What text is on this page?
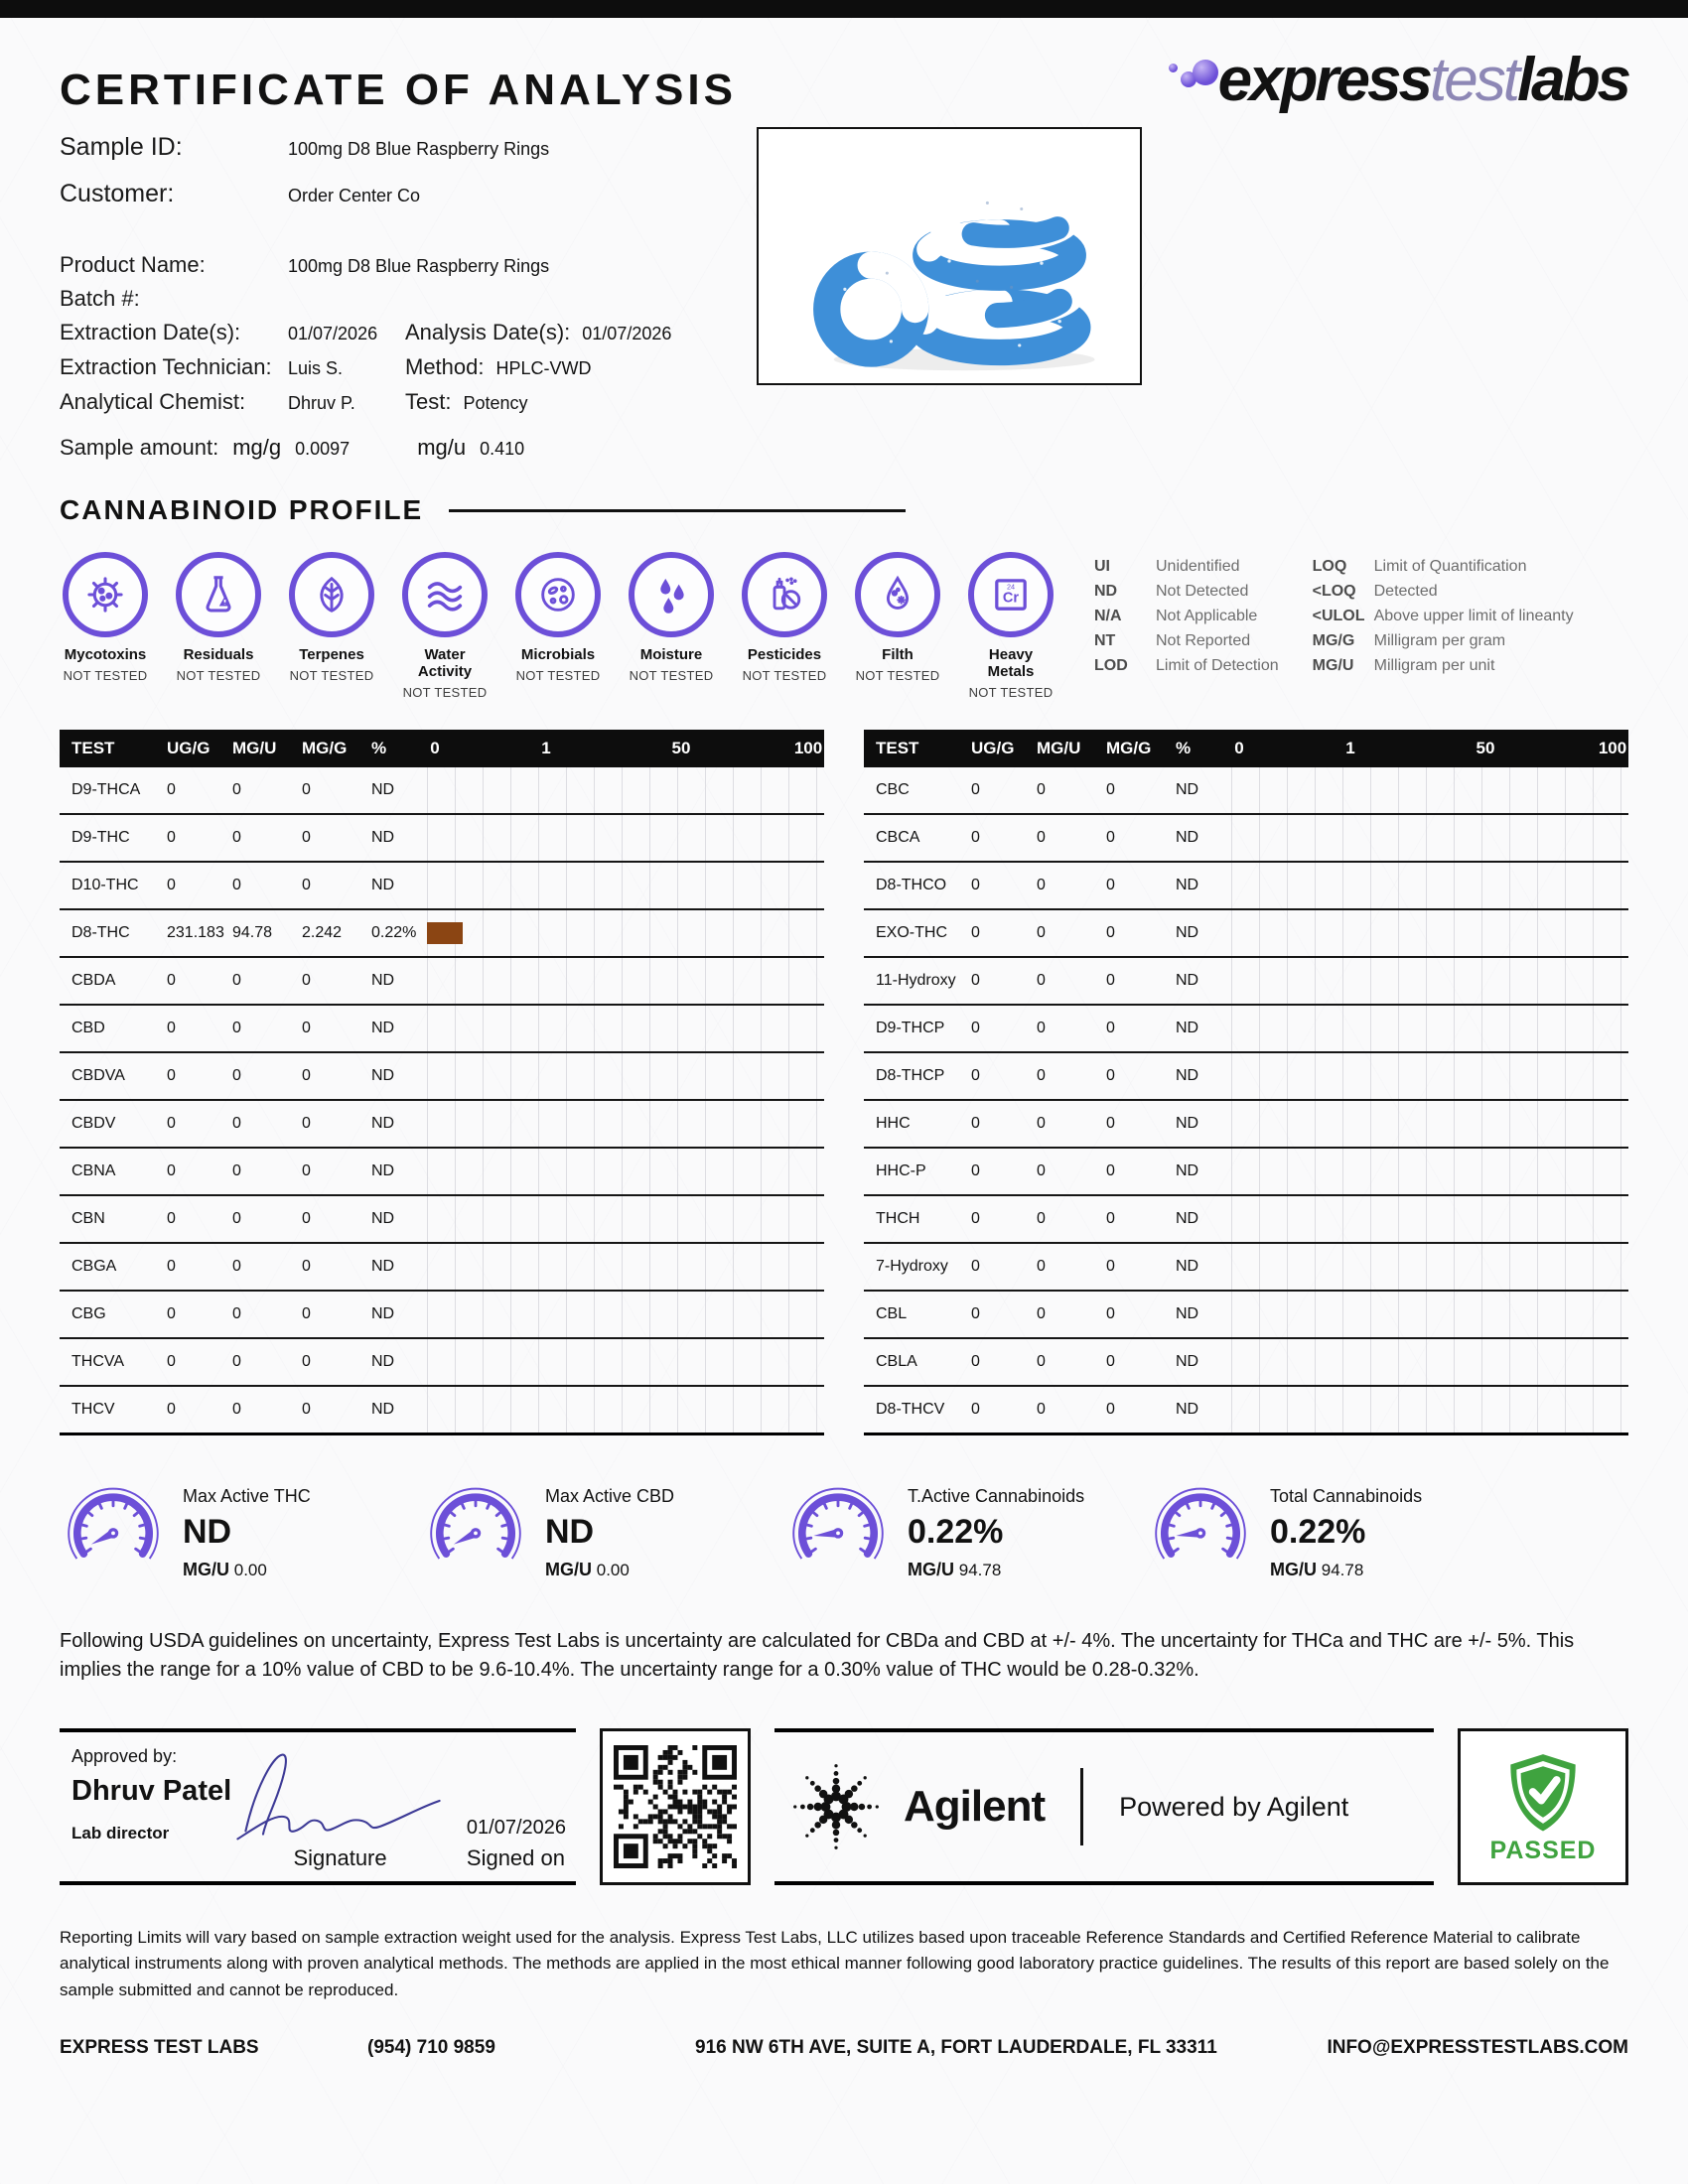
CERTIFICATE OF ANALYSIS	expresstestlabs
Sample ID:	100mg D8 Blue Raspberry Rings
Customer:	Order Center Co
Product Name:	100mg D8 Blue Raspberry Rings
Batch #:
Extraction Date(s):	01/07/2026	Analysis Date(s): 01/07/2026
Extraction Technician: Luis S.	Method: HPLC-VWD
Analytical Chemist:	Dhruv P.	Test: Potency
Sample amount: mg/g 0.0097	mg/u 0.410
CANNABINOID PROFILE
Mycotoxins
NOT TESTED
Residuals
NOT TESTED
Terpenes
NOT TESTED
Water Activity
NOT TESTED
Microbials
NOT TESTED
Moisture
NOT TESTED
Pesticides
NOT TESTED
Filth
NOT TESTED
Cr
24
Heavy Metals
NOT TESTED
UI	Unidentified
ND	Not Detected
N/A	Not Applicable
NT	Not Reported
LOD	Limit of Detection
LOQ	Limit of Quantification
<LOQ	Detected
<ULOL Above upper limit of lineanty
MG/G	Milligram per gram
MG/U	Milligram per unit
TEST	UG/G	MG/U	MG/G	%	0	1	50	100
D9-THCA	0	0	0	ND
D9-THC	0	0	0	ND
D10-THC	0	0	0	ND
D8-THC	231.183 94.78	2.242	0.22%
CBDA	0	0	0	ND
CBD	0	0	0	ND
CBDVA	0	0	0	ND
CBDV	0	0	0	ND
CBNA	0	0	0	ND
CBN	0	0	0	ND
CBGA	0	0	0	ND
CBG	0	0	0	ND
THCVA	0	0	0	ND
THCV	0	0	0	ND
TEST	UG/G	MG/U	MG/G	%	0	1	50	100
CBC	0	0	0	ND
CBCA	0	0	0	ND
D8-THCO	0	0	0	ND
EXO-THC	0	0	0	ND
11-Hydroxy 0	0	0	ND
D9-THCP	0	0	0	ND
D8-THCP	0	0	0	ND
HHC	0	0	0	ND
HHC-P	0	0	0	ND
THCH	0	0	0	ND
7-Hydroxy	0	0	0	ND
CBL	0	0	0	ND
CBLA	0	0	0	ND
D8-THCV	0	0	0	ND
Max Active THC
ND
MG/U 0.00
Max Active CBD
ND
MG/U 0.00
T.Active Cannabinoids
0.22%
MG/U 94.78
Total Cannabinoids
0.22%
MG/U 94.78
Following USDA guidelines on uncertainty, Express Test Labs is uncertainty are calculated for CBDa and CBD at +/- 4%. The uncertainty for THCa and THC are +/- 5%. This implies the range for a 10% value of CBD to be 9.6-10.4%. The uncertainty range for a 0.30% value of THC would be 0.28-0.32%.
Approved by:
Dhruv Patel
Lab director
Signature
01/07/2026
Signed on
Agilent	Powered by Agilent
PASSED
Reporting Limits will vary based on sample extraction weight used for the analysis. Express Test Labs, LLC utilizes based upon traceable Reference Standards and Certified Reference Material to calibrate analytical instruments along with proven analytical methods. The methods are applied in the most ethical manner following good laboratory practice guidelines. The results of this report are based solely on the sample submitted and cannot be reproduced.
EXPRESS TEST LABS	(954) 710 9859	916 NW 6TH AVE, SUITE A, FORT LAUDERDALE, FL 33311	INFO@EXPRESSTESTLABS.COM
